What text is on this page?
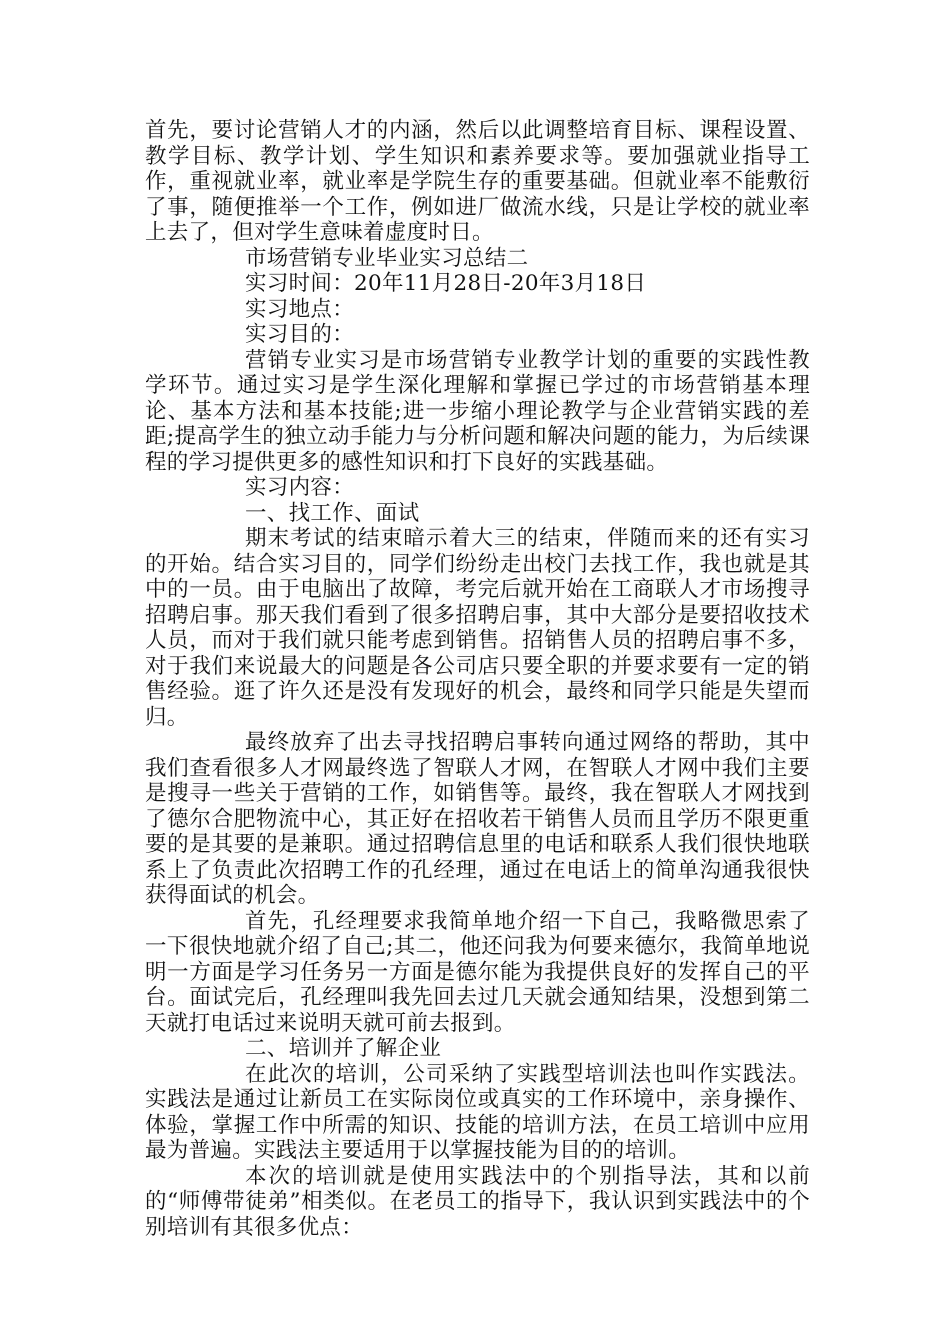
首先，要讨论营销人才的内涵，然后以此调整培育目标、课程设置、教学目标、教学计划、学生知识和素养要求等。要加强就业指导工作，重视就业率，就业率是学院生存的重要基础。但就业率不能敷衍了事，随便推举一个工作，例如进厂做流水线，只是让学校的就业率上去了，但对学生意味着虚度时日。

市场营销专业毕业实习总结二

实习时间：20年11月28日-20年3月18日

实习地点：

实习目的：

营销专业实习是市场营销专业教学计划的重要的实践性教学环节。通过实习是学生深化理解和掌握已学过的市场营销基本理论、基本方法和基本技能;进一步缩小理论教学与企业营销实践的差距;提高学生的独立动手能力与分析问题和解决问题的能力，为后续课程的学习提供更多的感性知识和打下良好的实践基础。

实习内容：

一、找工作、面试

期末考试的结束暗示着大三的结束，伴随而来的还有实习的开始。结合实习目的，同学们纷纷走出校门去找工作，我也就是其中的一员。由于电脑出了故障，考完后就开始在工商联人才市场搜寻招聘启事。那天我们看到了很多招聘启事，其中大部分是要招收技术人员，而对于我们就只能考虑到销售。招销售人员的招聘启事不多，对于我们来说最大的问题是各公司店只要全职的并要求要有一定的销售经验。逛了许久还是没有发现好的机会，最终和同学只能是失望而归。

最终放弃了出去寻找招聘启事转向通过网络的帮助，其中我们查看很多人才网最终选了智联人才网，在智联人才网中我们主要是搜寻一些关于营销的工作，如销售等。最终，我在智联人才网找到了德尔合肥物流中心，其正好在招收若干销售人员而且学历不限更重要的是其要的是兼职。通过招聘信息里的电话和联系人我们很快地联系上了负责此次招聘工作的孔经理，通过在电话上的简单沟通我很快获得面试的机会。

首先，孔经理要求我简单地介绍一下自己，我略微思索了一下很快地就介绍了自己;其二，他还问我为何要来德尔，我简单地说明一方面是学习任务另一方面是德尔能为我提供良好的发挥自己的平台。面试完后，孔经理叫我先回去过几天就会通知结果，没想到第二天就打电话过来说明天就可前去报到。

二、培训并了解企业

在此次的培训，公司采纳了实践型培训法也叫作实践法。实践法是通过让新员工在实际岗位或真实的工作环境中，亲身操作、体验，掌握工作中所需的知识、技能的培训方法，在员工培训中应用最为普遍。实践法主要适用于以掌握技能为目的的培训。

本次的培训就是使用实践法中的个别指导法，其和以前的“师傅带徒弟”相类似。在老员工的指导下，我认识到实践法中的个别培训有其很多优点：
